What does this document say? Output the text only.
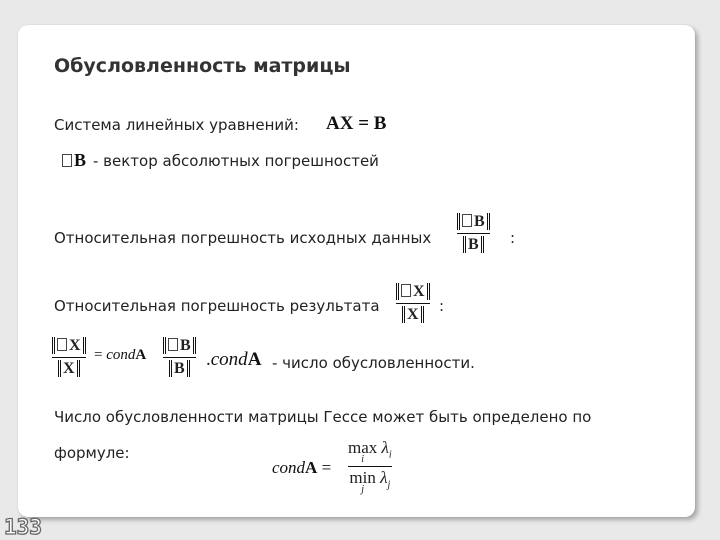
Обусловленность матрицы
Система линейных уравнений: AX = B
B - вектор абсолютных погрешностей
Относительная погрешность исходных данных
B
B	:
Относительная погрешность результата
X
X	:
X
X
= condA
B
B .condA - число обусловленности.
Число обусловленности матрицы Гессе может быть определено по
формуле:
condA =
max
i
$\lambda_i$
min
j
$\lambda_j$
133
